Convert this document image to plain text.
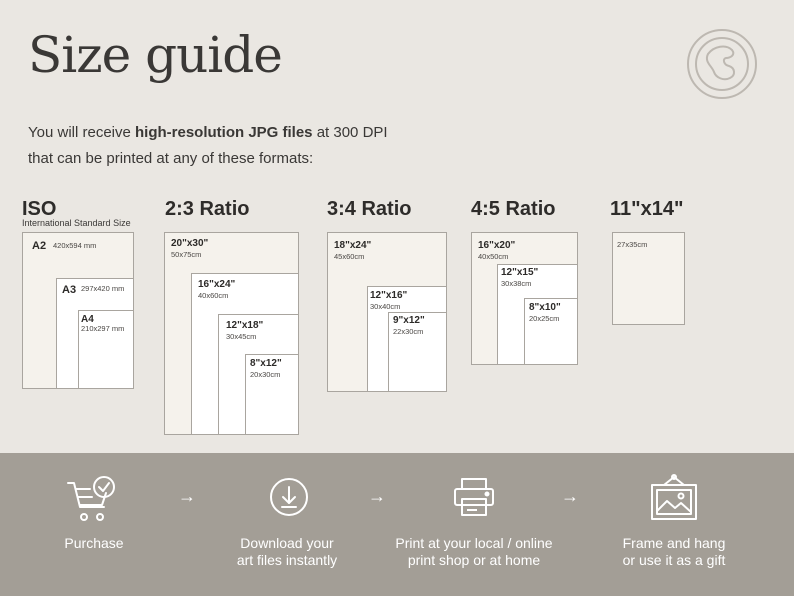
Size guide
You will receive high-resolution JPG files at 300 DPI
that can be printed at any of these formats:
ISO
International Standard Size
A2 420x594 mm
A3 297x420 mm
A4
210x297 mm
2:3 Ratio
20"x30"
50x75cm
16"x24"
40x60cm
12"x18"
30x45cm
8"x12"
20x30cm
3:4 Ratio
18"x24"
45x60cm
12"x16"
30x40cm
9"x12"
22x30cm
4:5 Ratio
16"x20"
40x50cm
12"x15"
30x38cm
8"x10"
20x25cm
11"x14"
27x35cm
Purchase
→
Download your
art files instantly
→
Print at your local / online
print shop or at home
→
Frame and hang
or use it as a gift
